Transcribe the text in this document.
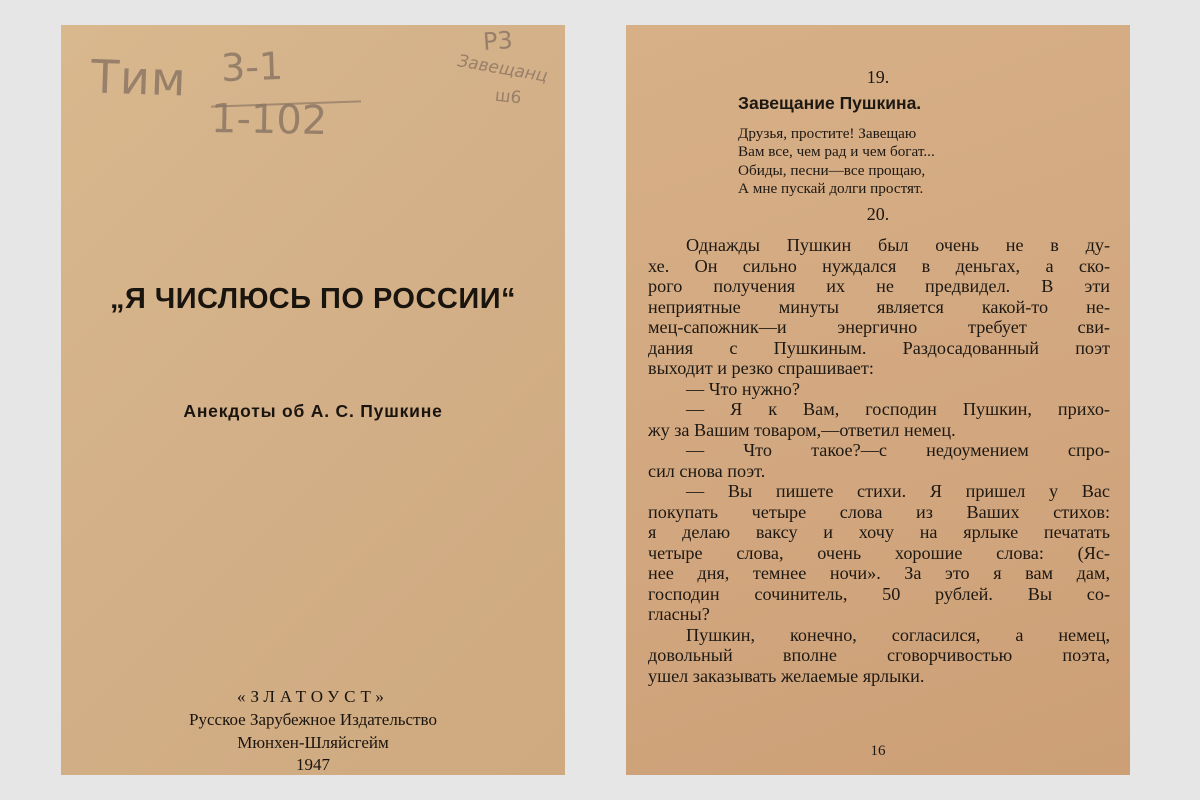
Тим 3-1
1-102
P3
Завещанц
ш6
„Я ЧИСЛЮСЬ ПО РОССИИ“
Анекдоты об А. С. Пушкине
«ЗЛАТОУСТ»
Русское Зарубежное Издательство
Мюнхен-Шляйсгейм
1947
19.
Завещание Пушкина.
Друзья, простите! Завещаю
Вам все, чем рад и чем богат...
Обиды, песни—все прощаю,
А мне пускай долги простят.
20.
Однажды Пушкин был очень не в ду-
хе. Он сильно нуждался в деньгах, а ско-
рого получения их не предвидел. В эти
неприятные минуты является какой-то не-
мец-сапожник—и энергично требует сви-
дания с Пушкиным. Раздосадованный поэт
выходит и резко спрашивает:
— Что нужно?
— Я к Вам, господин Пушкин, прихо-
жу за Вашим товаром,—ответил немец.
— Что такое?—с недоумением спро-
сил снова поэт.
— Вы пишете стихи. Я пришел у Вас
покупать четыре слова из Ваших стихов:
я делаю ваксу и хочу на ярлыке печатать
четыре слова, очень хорошие слова: (Яс-
нее дня, темнее ночи». За это я вам дам,
господин сочинитель, 50 рублей. Вы со-
гласны?
Пушкин, конечно, согласился, а немец,
довольный вполне сговорчивостью поэта,
ушел заказывать желаемые ярлыки.
16
